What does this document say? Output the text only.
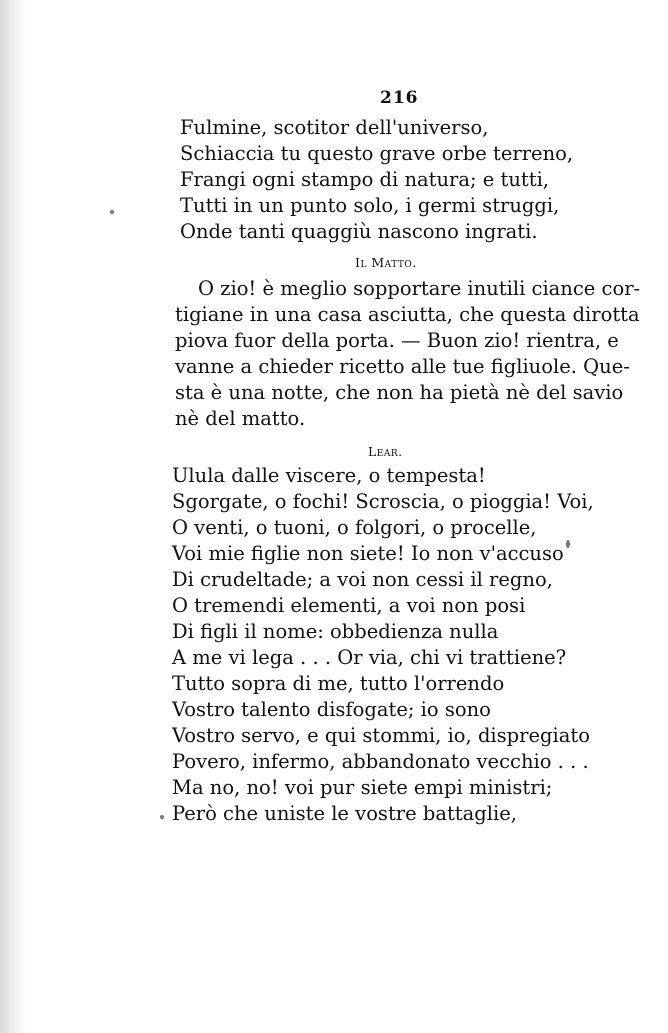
216
Fulmine, scotitor dell'universo,
Schiaccia tu questo grave orbe terreno,
Frangi ogni stampo di natura; e tutti,
Tutti in un punto solo, i germi struggi,
Onde tanti quaggiù nascono ingrati.
Il Matto.
O zio! è meglio sopportare inutili ciance cor-
tigiane in una casa asciutta, che questa dirotta
piova fuor della porta. — Buon zio! rientra, e
vanne a chieder ricetto alle tue figliuole. Que-
sta è una notte, che non ha pietà nè del savio
nè del matto.
Lear.
Ulula dalle viscere, o tempesta!
Sgorgate, o fochi! Scroscia, o pioggia! Voi,
O venti, o tuoni, o folgori, o procelle,
Voi mie figlie non siete! Io non v'accuso
Di crudeltade; a voi non cessi il regno,
O tremendi elementi, a voi non posi
Di figli il nome: obbedienza nulla
A me vi lega . . . Or via, chi vi trattiene?
Tutto sopra di me, tutto l'orrendo
Vostro talento disfogate; io sono
Vostro servo, e qui stommi, io, dispregiato
Povero, infermo, abbandonato vecchio . . .
Ma no, no! voi pur siete empi ministri;
Però che uniste le vostre battaglie,
